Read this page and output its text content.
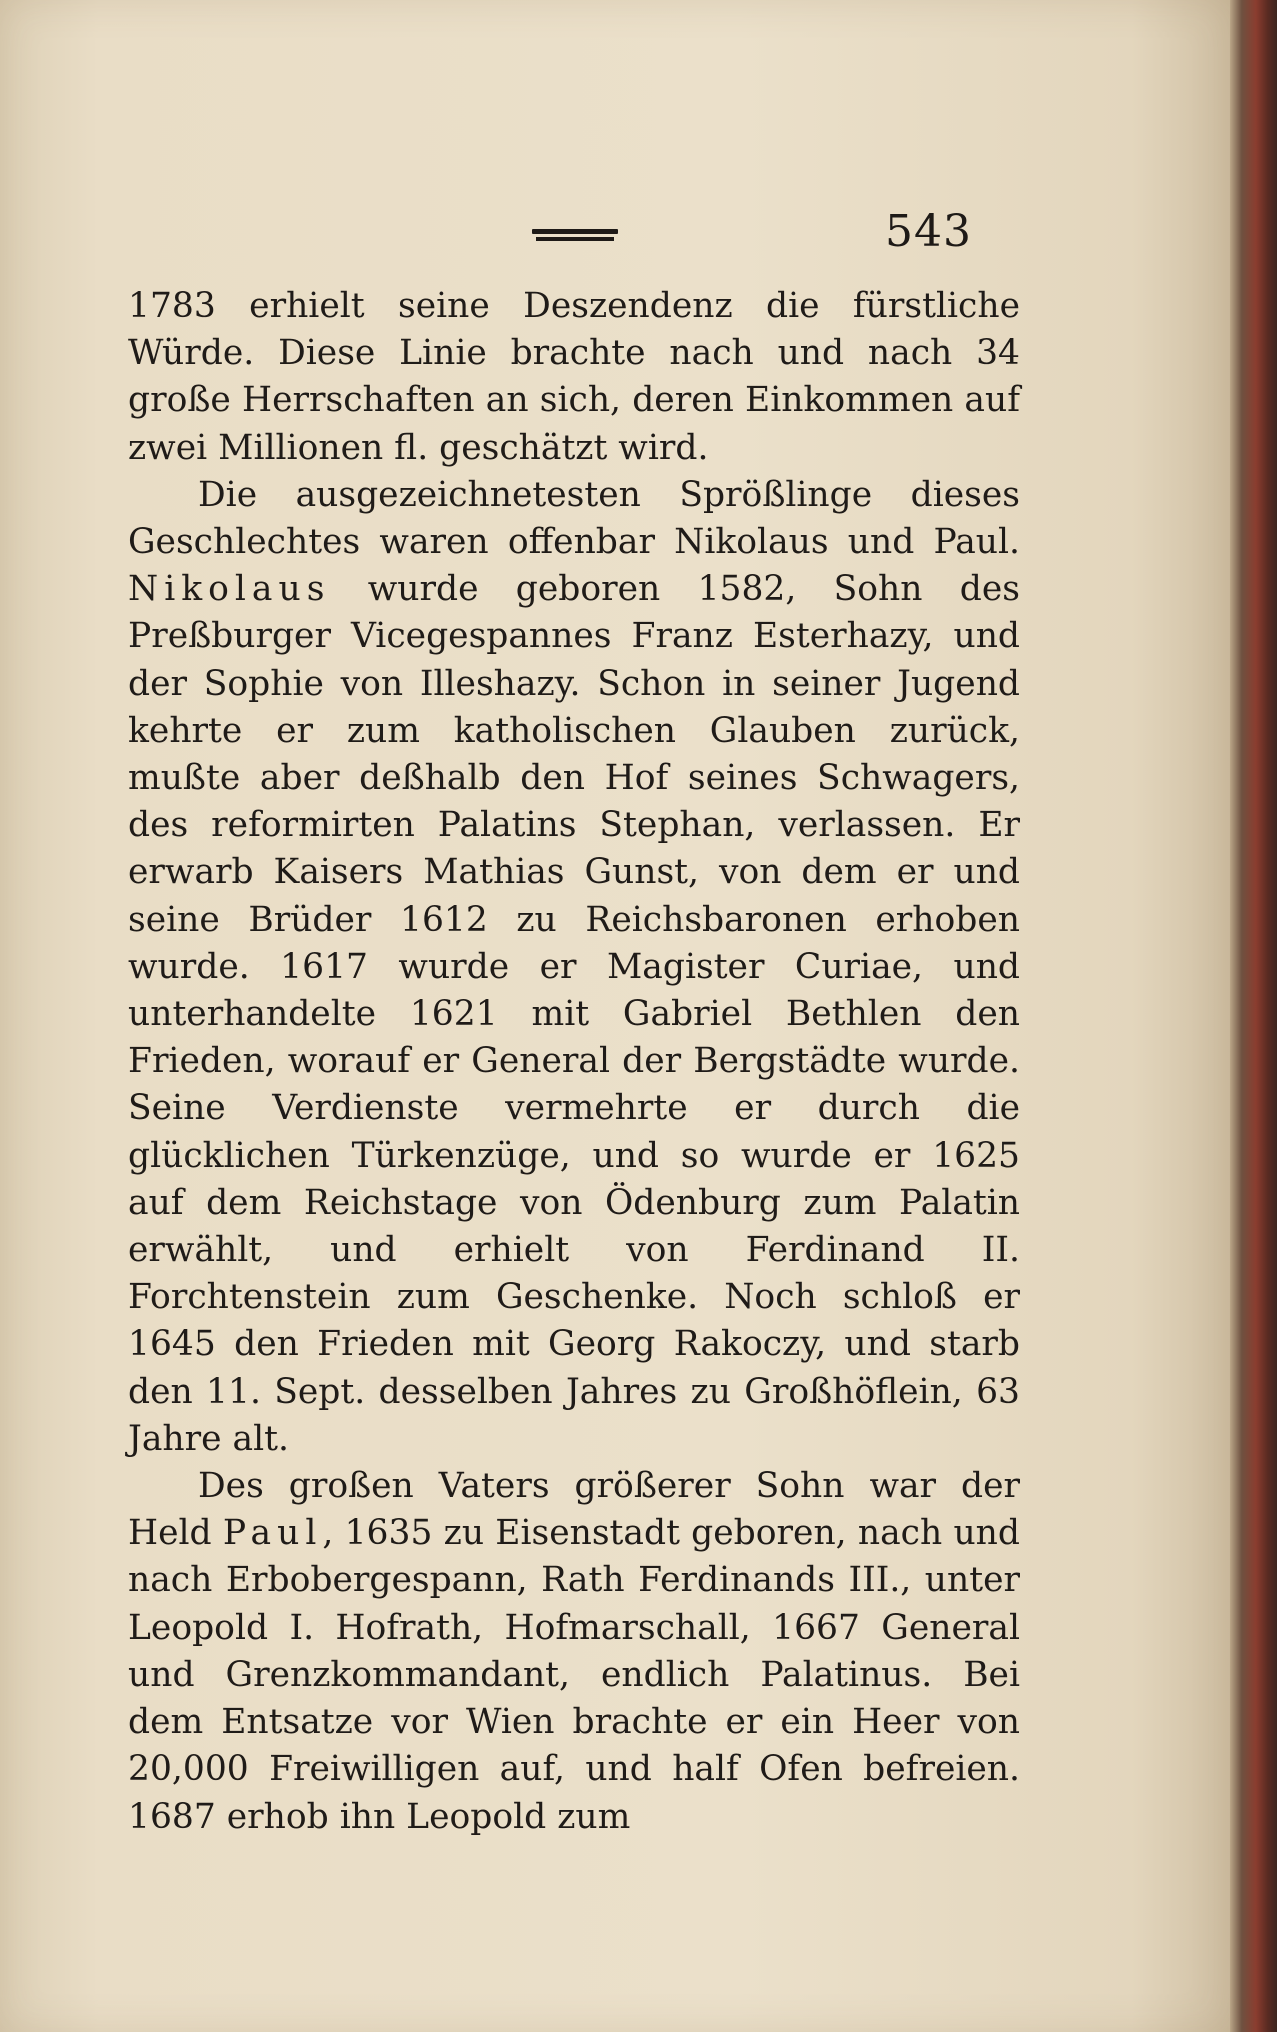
543

1783 erhielt seine Deszendenz die fürstliche Würde. Diese Linie brachte nach und nach 34 große Herrschaften an sich, deren Einkommen auf zwei Millionen fl. geschätzt wird.

Die ausgezeichnetesten Sprößlinge dieses Geschlechtes waren offenbar Nikolaus und Paul. Nikolaus wurde geboren 1582, Sohn des Preßburger Vicegespannes Franz Esterhazy, und der Sophie von Illeshazy. Schon in seiner Jugend kehrte er zum katholischen Glauben zurück, mußte aber deßhalb den Hof seines Schwagers, des reformirten Palatins Stephan, verlassen. Er erwarb Kaisers Mathias Gunst, von dem er und seine Brüder 1612 zu Reichsbaronen erhoben wurde. 1617 wurde er Magister Curiae, und unterhandelte 1621 mit Gabriel Bethlen den Frieden, worauf er General der Bergstädte wurde. Seine Verdienste vermehrte er durch die glücklichen Türkenzüge, und so wurde er 1625 auf dem Reichstage von Ödenburg zum Palatin erwählt, und erhielt von Ferdinand II. Forchtenstein zum Geschenke. Noch schloß er 1645 den Frieden mit Georg Rakoczy, und starb den 11. Sept. desselben Jahres zu Großhöflein, 63 Jahre alt.

Des großen Vaters größerer Sohn war der Held Paul, 1635 zu Eisenstadt geboren, nach und nach Erbobergespann, Rath Ferdinands III., unter Leopold I. Hofrath, Hofmarschall, 1667 General und Grenzkommandant, endlich Palatinus. Bei dem Entsatze vor Wien brachte er ein Heer von 20,000 Freiwilligen auf, und half Ofen befreien. 1687 erhob ihn Leopold zum
